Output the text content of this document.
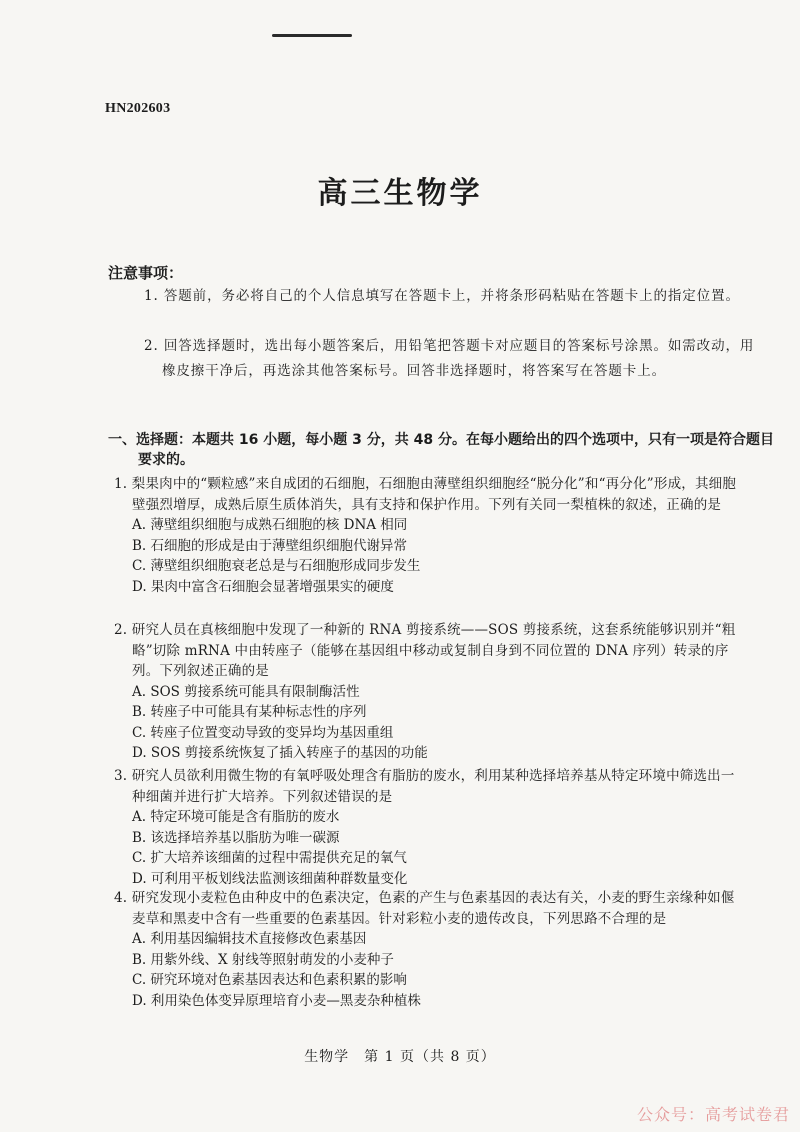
HN202603
高三生物学
注意事项：
1. 答题前，务必将自己的个人信息填写在答题卡上，并将条形码粘贴在答题卡上的指定位置。
2. 回答选择题时，选出每小题答案后，用铅笔把答题卡对应题目的答案标号涂黑。如需改动，用橡皮擦干净后，再选涂其他答案标号。回答非选择题时，将答案写在答题卡上。
一、选择题：本题共 16 小题，每小题 3 分，共 48 分。在每小题给出的四个选项中，只有一项是符合题目要求的。
1. 梨果肉中的“颗粒感”来自成团的石细胞，石细胞由薄壁组织细胞经“脱分化”和“再分化”形成，其细胞壁强烈增厚，成熟后原生质体消失，具有支持和保护作用。下列有关同一梨植株的叙述，正确的是
A. 薄壁组织细胞与成熟石细胞的核 DNA 相同
B. 石细胞的形成是由于薄壁组织细胞代谢异常
C. 薄壁组织细胞衰老总是与石细胞形成同步发生
D. 果肉中富含石细胞会显著增强果实的硬度
2. 研究人员在真核细胞中发现了一种新的 RNA 剪接系统——SOS 剪接系统，这套系统能够识别并“粗略”切除 mRNA 中由转座子（能够在基因组中移动或复制自身到不同位置的 DNA 序列）转录的序列。下列叙述正确的是
A. SOS 剪接系统可能具有限制酶活性
B. 转座子中可能具有某种标志性的序列
C. 转座子位置变动导致的变异均为基因重组
D. SOS 剪接系统恢复了插入转座子的基因的功能
3. 研究人员欲利用微生物的有氧呼吸处理含有脂肪的废水，利用某种选择培养基从特定环境中筛选出一种细菌并进行扩大培养。下列叙述错误的是
A. 特定环境可能是含有脂肪的废水
B. 该选择培养基以脂肪为唯一碳源
C. 扩大培养该细菌的过程中需提供充足的氧气
D. 可利用平板划线法监测该细菌种群数量变化
4. 研究发现小麦粒色由种皮中的色素决定，色素的产生与色素基因的表达有关，小麦的野生亲缘种如偃麦草和黑麦中含有一些重要的色素基因。针对彩粒小麦的遗传改良，下列思路不合理的是
A. 利用基因编辑技术直接修改色素基因
B. 用紫外线、X 射线等照射萌发的小麦种子
C. 研究环境对色素基因表达和色素积累的影响
D. 利用染色体变异原理培育小麦—黑麦杂种植株
生物学　第 1 页（共 8 页）
公众号：高考试卷君
